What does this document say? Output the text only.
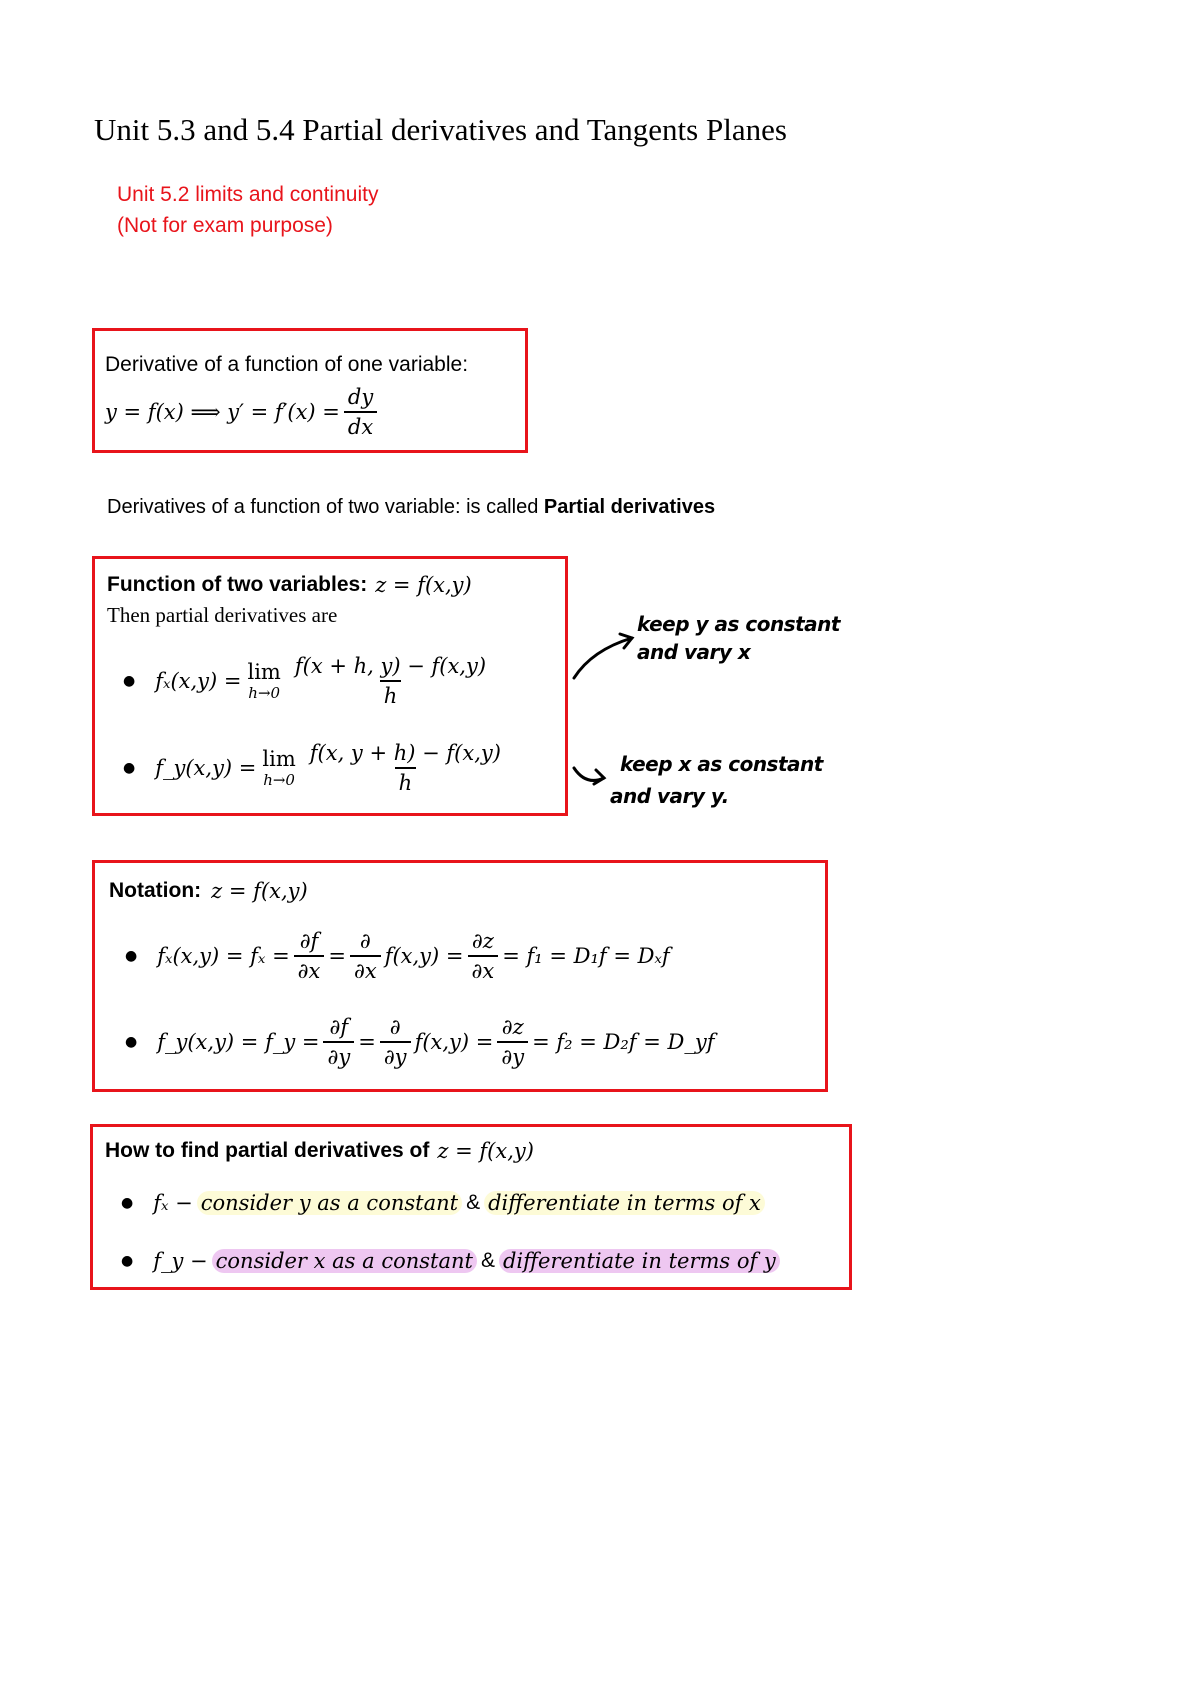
Unit 5.3 and 5.4 Partial derivatives and Tangents Planes
Unit 5.2 limits and continuity
(Not for exam purpose)
Derivative of a function of one variable:
y = f(x) ⟹ $y' = f'(x) = \frac{dy}{dx}$
Derivatives of a function of two variable: is called Partial derivatives
Function of two variables: z = f(x,y)
Then partial derivatives are
● fₓ(x,y) = lim
$h\to 0 \frac{f(x + h, y) - f(x,y)}{h}$
● f_y(x,y) = lim
$h\to 0 \frac{f(x, y + h) - f(x,y)}{h}$
keep y as constant
and vary x
keep x as constant
and vary y.
Notation: z = f(x,y)
● $f_x(x,y) = f_x = \frac{\partial f}{\partial x} = \frac{\partial}{\partial x} f(x,y) = \frac{\partial z}{\partial x} = f_1 = D_1f = D_xf$
● f_y(x,y) = f_y = $\frac{\partial f}{\partial y} = \frac{\partial}{\partial y} f(x,y) = \frac{\partial z}{\partial y} = f_2 = D_2f$ = D_yf
How to find partial derivatives of z = f(x,y)
● fₓ − consider y as a constant & differentiate in terms of x
● f_y − consider x as a constant & differentiate in terms of y
